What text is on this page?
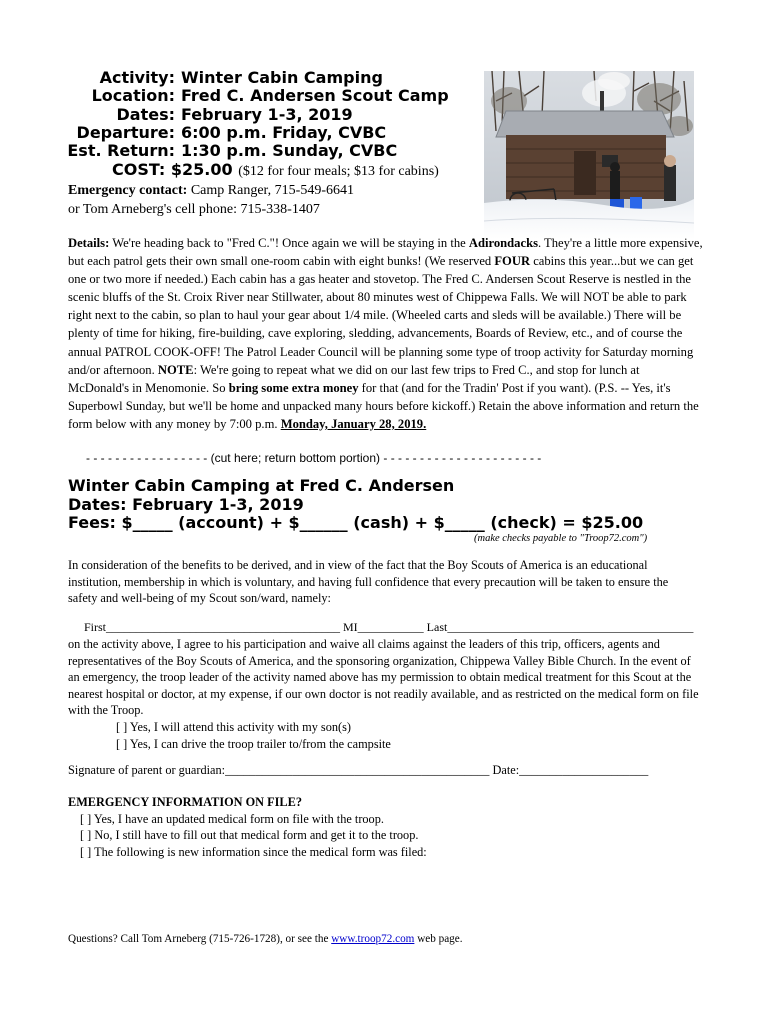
Activity: Winter Cabin Camping
Location: Fred C. Andersen Scout Camp
Dates: February 1-3, 2019
Departure: 6:00 p.m. Friday, CVBC
Est. Return: 1:30 p.m. Sunday, CVBC
COST: $25.00 ($12 for four meals; $13 for cabins)
Emergency contact: Camp Ranger, 715-549-6641
or Tom Arneberg's cell phone: 715-338-1407
Details: We're heading back to "Fred C."! Once again we will be staying in the Adirondacks. They're a little more expensive, but each patrol gets their own small one-room cabin with eight bunks! (We reserved FOUR cabins this year...but we can get one or two more if needed.) Each cabin has a gas heater and stovetop. The Fred C. Andersen Scout Reserve is nestled in the scenic bluffs of the St. Croix River near Stillwater, about 80 minutes west of Chippewa Falls. We will NOT be able to park right next to the cabin, so plan to haul your gear about 1/4 mile. (Wheeled carts and sleds will be available.) There will be plenty of time for hiking, fire-building, cave exploring, sledding, advancements, Boards of Review, etc., and of course the annual PATROL COOK-OFF! The Patrol Leader Council will be planning some type of troop activity for Saturday morning and/or afternoon. NOTE: We're going to repeat what we did on our last few trips to Fred C., and stop for lunch at McDonald's in Menomonie. So bring some extra money for that (and for the Tradin' Post if you want). (P.S. -- Yes, it's Superbowl Sunday, but we'll be home and unpacked many hours before kickoff.) Retain the above information and return the form below with any money by 7:00 p.m. Monday, January 28, 2019.
- - - - - - - - - - - - - - - - - (cut here; return bottom portion) - - - - - - - - - - - - - - - - - - - - - -
Winter Cabin Camping at Fred C. Andersen
Dates: February 1-3, 2019
Fees: $_____ (account) + $______ (cash) + $_____ (check) = $25.00
(make checks payable to "Troop72.com")
In consideration of the benefits to be derived, and in view of the fact that the Boy Scouts of America is an educational institution, membership in which is voluntary, and having full confidence that every precaution will be taken to ensure the safety and well-being of my Scout son/ward, namely:
First_______________________________________ MI___________ Last_________________________________________
on the activity above, I agree to his participation and waive all claims against the leaders of this trip, officers, agents and representatives of the Boy Scouts of America, and the sponsoring organization, Chippewa Valley Bible Church. In the event of an emergency, the troop leader of the activity named above has my permission to obtain medical treatment for this Scout at the nearest hospital or doctor, at my expense, if our own doctor is not readily available, and as restricted on the medical form on file with the Troop.
[ ] Yes, I will attend this activity with my son(s)
[ ] Yes, I can drive the troop trailer to/from the campsite
Signature of parent or guardian:___________________________________________ Date:_____________________
EMERGENCY INFORMATION ON FILE?
[ ] Yes, I have an updated medical form on file with the troop.
[ ] No, I still have to fill out that medical form and get it to the troop.
[ ] The following is new information since the medical form was filed:
Questions? Call Tom Arneberg (715-726-1728), or see the www.troop72.com web page.
